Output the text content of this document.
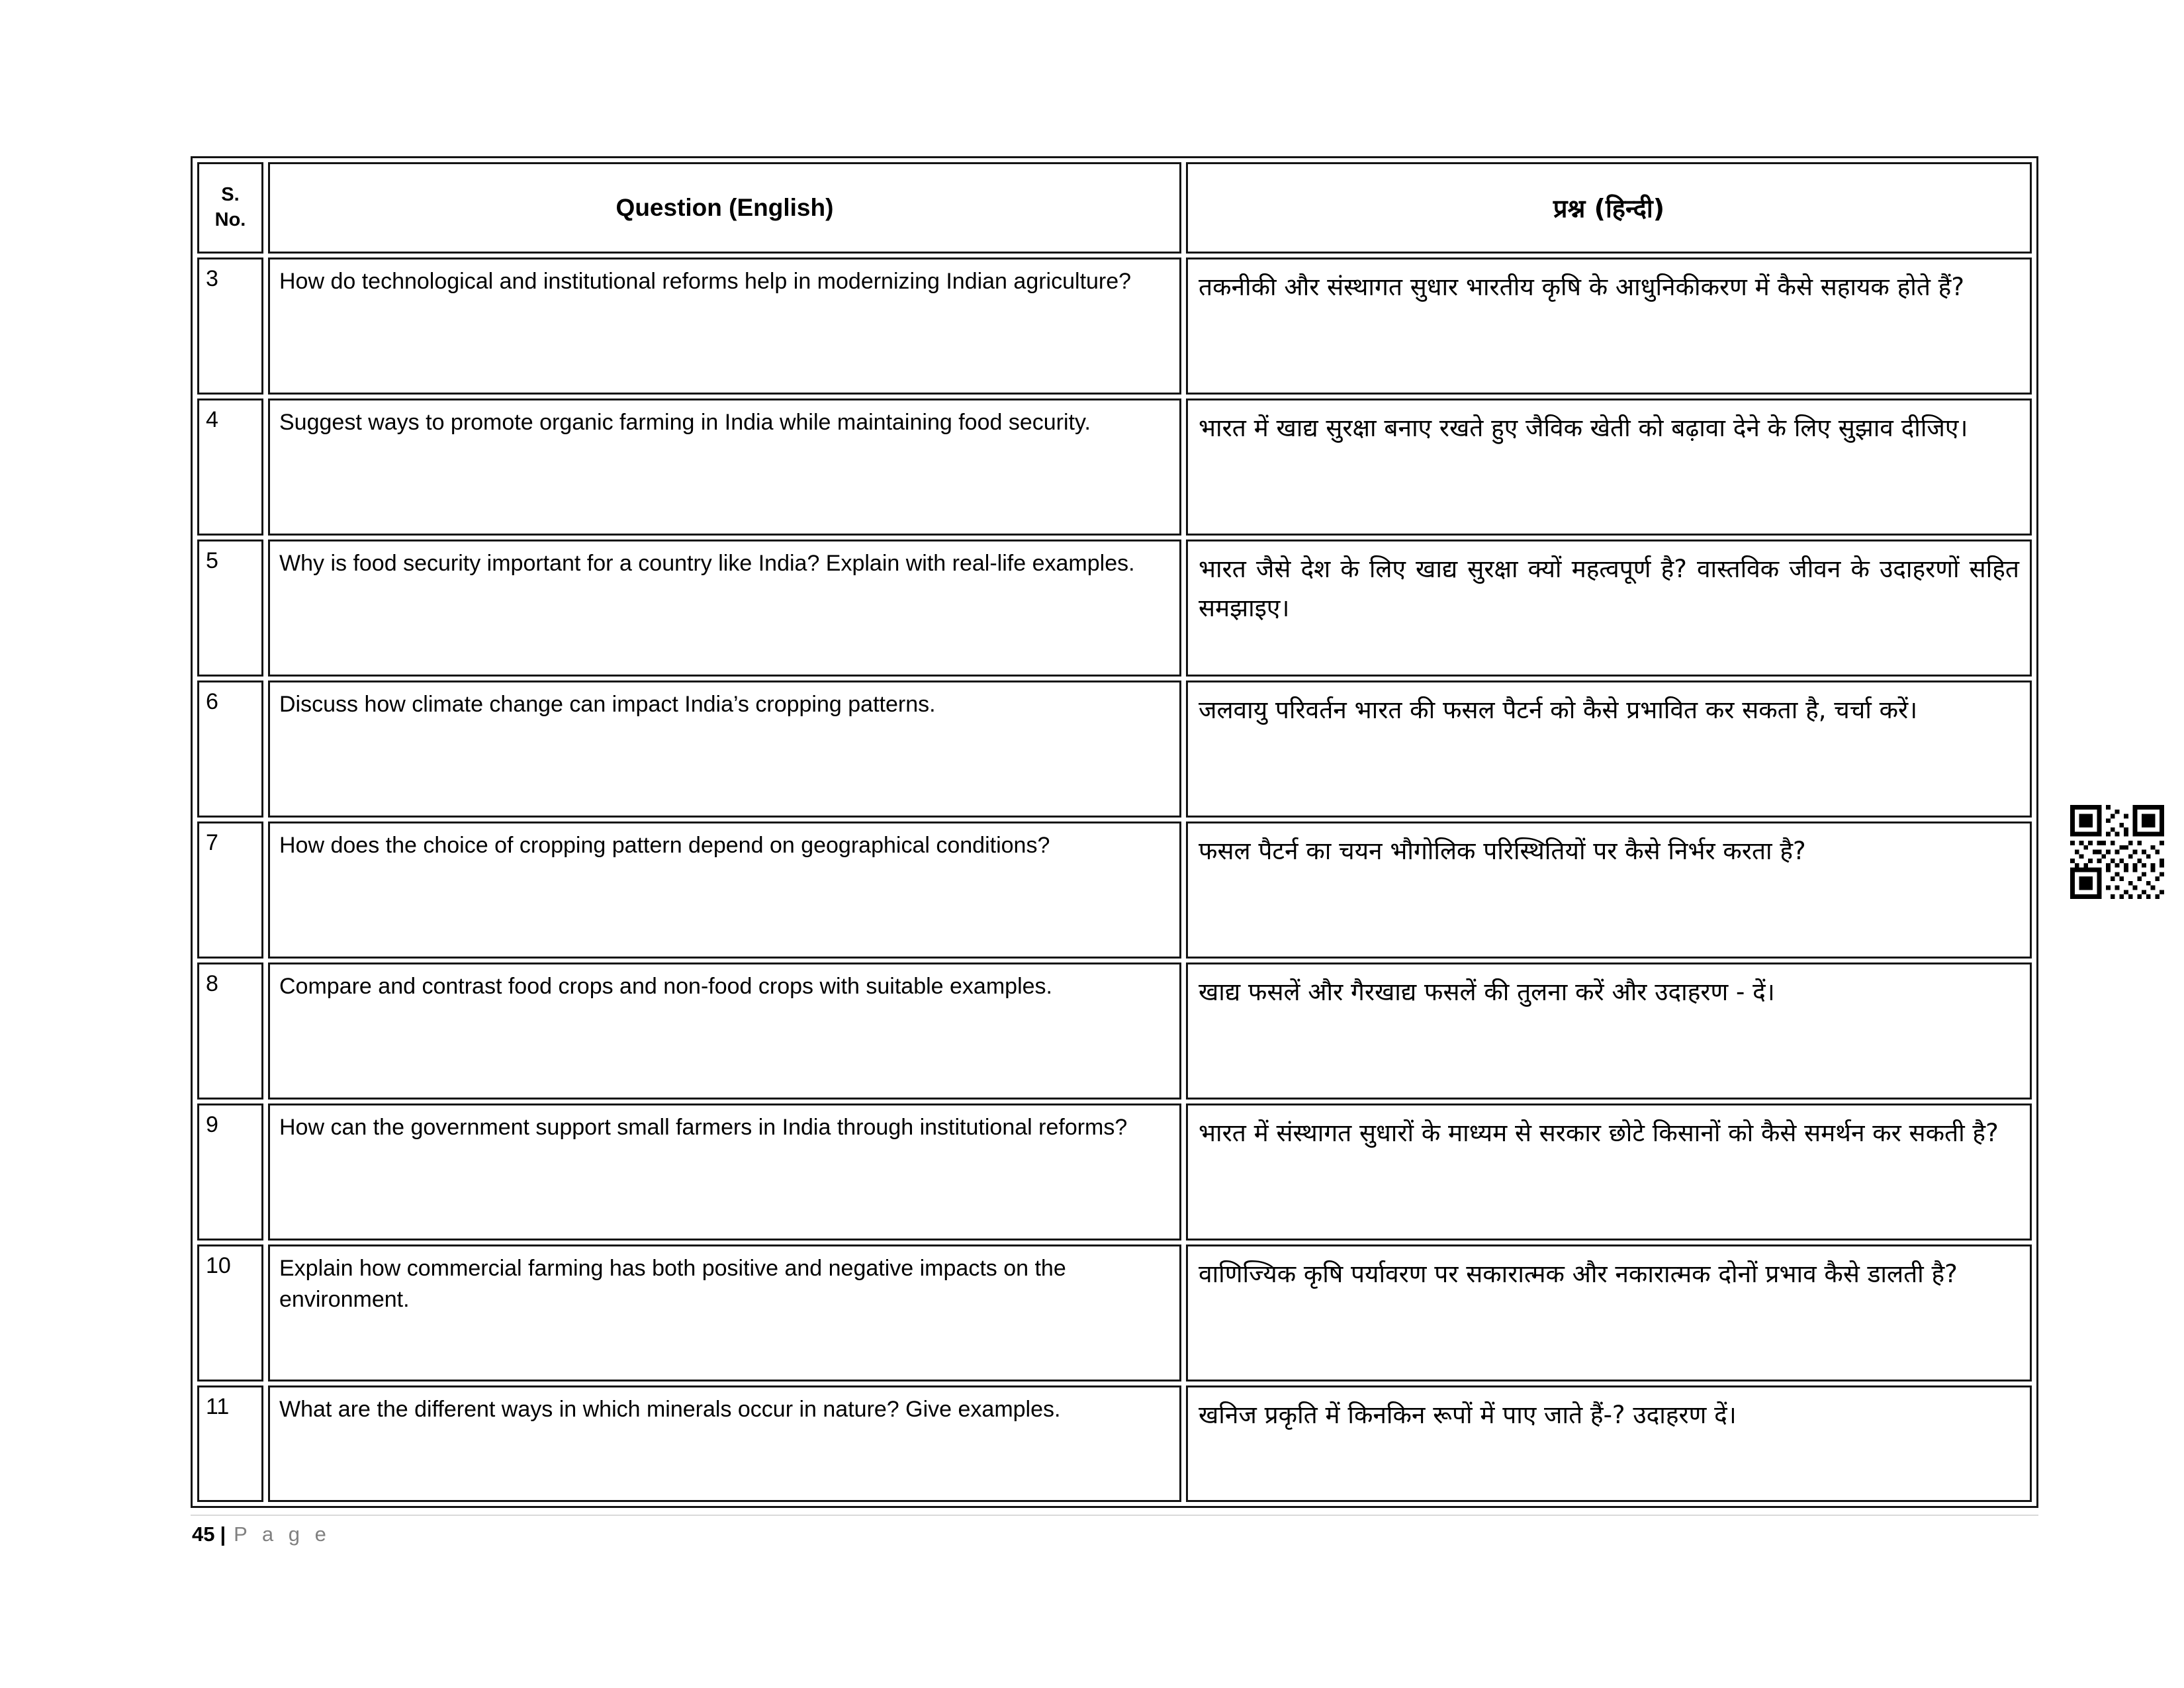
S.
No.	Question (English)	प्रश्न (हिन्दी)
3	How do technological and institutional reforms help in modernizing Indian agriculture?	तकनीकी और संस्थागत सुधार भारतीय कृषि के आधुनिकीकरण में कैसे सहायक होते हैं?
4	Suggest ways to promote organic farming in India while maintaining food security.	भारत में खाद्य सुरक्षा बनाए रखते हुए जैविक खेती को बढ़ावा देने के लिए सुझाव दीजिए।
5	Why is food security important for a country like India? Explain with real-life examples.	भारत जैसे देश के लिए खाद्य सुरक्षा क्यों महत्वपूर्ण है? वास्तविक जीवन के उदाहरणों सहित समझाइए।
6	Discuss how climate change can impact India’s cropping patterns.	जलवायु परिवर्तन भारत की फसल पैटर्न को कैसे प्रभावित कर सकता है, चर्चा करें।
7	How does the choice of cropping pattern depend on geographical conditions?	फसल पैटर्न का चयन भौगोलिक परिस्थितियों पर कैसे निर्भर करता है?
8	Compare and contrast food crops and non-food crops with suitable examples.	खाद्य फसलें और गैरखाद्य फसलें की तुलना करें और उदाहरण - दें।
9	How can the government support small farmers in India through institutional reforms?	भारत में संस्थागत सुधारों के माध्यम से सरकार छोटे किसानों को कैसे समर्थन कर सकती है?
10	Explain how commercial farming has both positive and negative impacts on the environment.	वाणिज्यिक कृषि पर्यावरण पर सकारात्मक और नकारात्मक दोनों प्रभाव कैसे डालती है?
11	What are the different ways in which minerals occur in nature? Give examples.	खनिज प्रकृति में किनकिन रूपों में पाए जाते हैं-? उदाहरण दें।
45 | P a g e
